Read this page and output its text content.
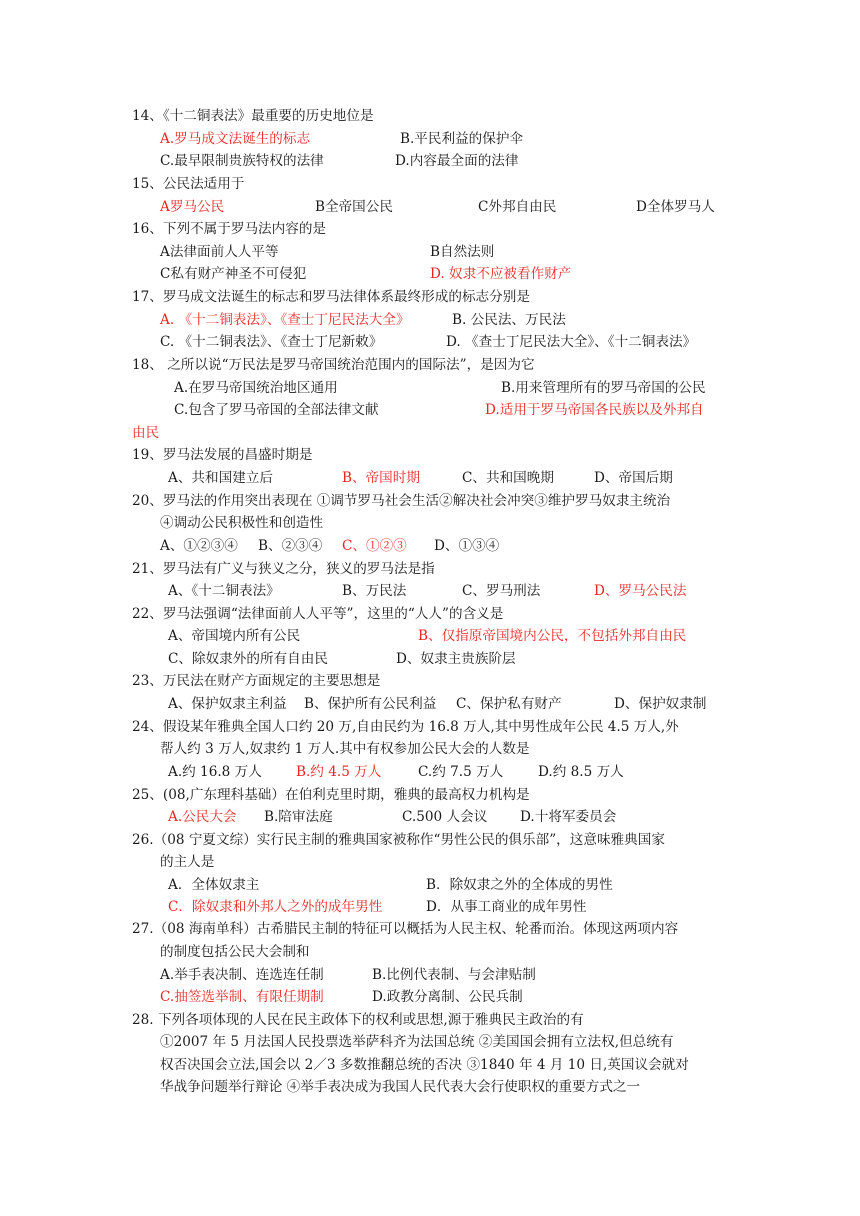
14、《十二铜表法》最重要的历史地位是
A.罗马成文法诞生的标志	B.平民利益的保护伞
C.最早限制贵族特权的法律	D.内容最全面的法律
15、公民法适用于
A罗马公民	B全帝国公民	C外邦自由民	D全体罗马人
16、下列不属于罗马法内容的是
A法律面前人人平等	B自然法则
C私有财产神圣不可侵犯	D. 奴隶不应被看作财产
17、罗马成文法诞生的标志和罗马法律体系最终形成的标志分别是
A. 《十二铜表法》、《查士丁尼民法大全》	B. 公民法、万民法
C. 《十二铜表法》、《查士丁尼新敕》	D. 《查士丁尼民法大全》、《十二铜表法》
18、 之所以说“万民法是罗马帝国统治范围内的国际法”，是因为它
A.在罗马帝国统治地区通用	B.用来管理所有的罗马帝国的公民
C.包含了罗马帝国的全部法律文献	D.适用于罗马帝国各民族以及外邦自
由民
19、罗马法发展的昌盛时期是
A、共和国建立后	B、帝国时期	C、共和国晚期	D、帝国后期
20、罗马法的作用突出表现在 ①调节罗马社会生活②解决社会冲突③维护罗马奴隶主统治
④调动公民积极性和创造性
A、①②③④ B、②③④ C、①②③ D、①③④
21、罗马法有广义与狭义之分，狭义的罗马法是指
A、《十二铜表法》	B、万民法	C、罗马刑法	D、罗马公民法
22、罗马法强调“法律面前人人平等”，这里的“人人”的含义是
A、帝国境内所有公民	B、仅指原帝国境内公民，不包括外邦自由民
C、除奴隶外的所有自由民	D、奴隶主贵族阶层
23、万民法在财产方面规定的主要思想是
A、保护奴隶主利益 B、保护所有公民利益 C、保护私有财产	D、保护奴隶制
24、假设某年雅典全国人口约 20 万,自由民约为 16.8 万人,其中男性成年公民 4.5 万人,外
帮人约 3 万人,奴隶约 1 万人.其中有权参加公民大会的人数是
A.约 16.8 万人	B.约 4.5 万人	C.约 7.5 万人	D.约 8.5 万人
25、(08,广东理科基础）在伯利克里时期，雅典的最高权力机构是
A.公民大会 B.陪审法庭	C.500 人会议 D.十将军委员会
26.（08 宁夏文综）实行民主制的雅典国家被称作“男性公民的俱乐部”，这意味雅典国家
的主人是
A．全体奴隶主	B．除奴隶之外的全体成的男性
C．除奴隶和外邦人之外的成年男性	D．从事工商业的成年男性
27.（08 海南单科）古希腊民主制的特征可以概括为人民主权、轮番而治。体现这两项内容
的制度包括公民大会制和
A.举手表决制、连选连任制	B.比例代表制、与会津贴制
C.抽签选举制、有限任期制	D.政教分离制、公民兵制
28. 下列各项体现的人民在民主政体下的权利或思想,源于雅典民主政治的有
①2007 年 5 月法国人民投票选举萨科齐为法国总统 ②美国国会拥有立法权,但总统有
权否决国会立法,国会以 2／3 多数推翻总统的否决 ③1840 年 4 月 10 日,英国议会就对
华战争问题举行辩论 ④举手表决成为我国人民代表大会行使职权的重要方式之一
